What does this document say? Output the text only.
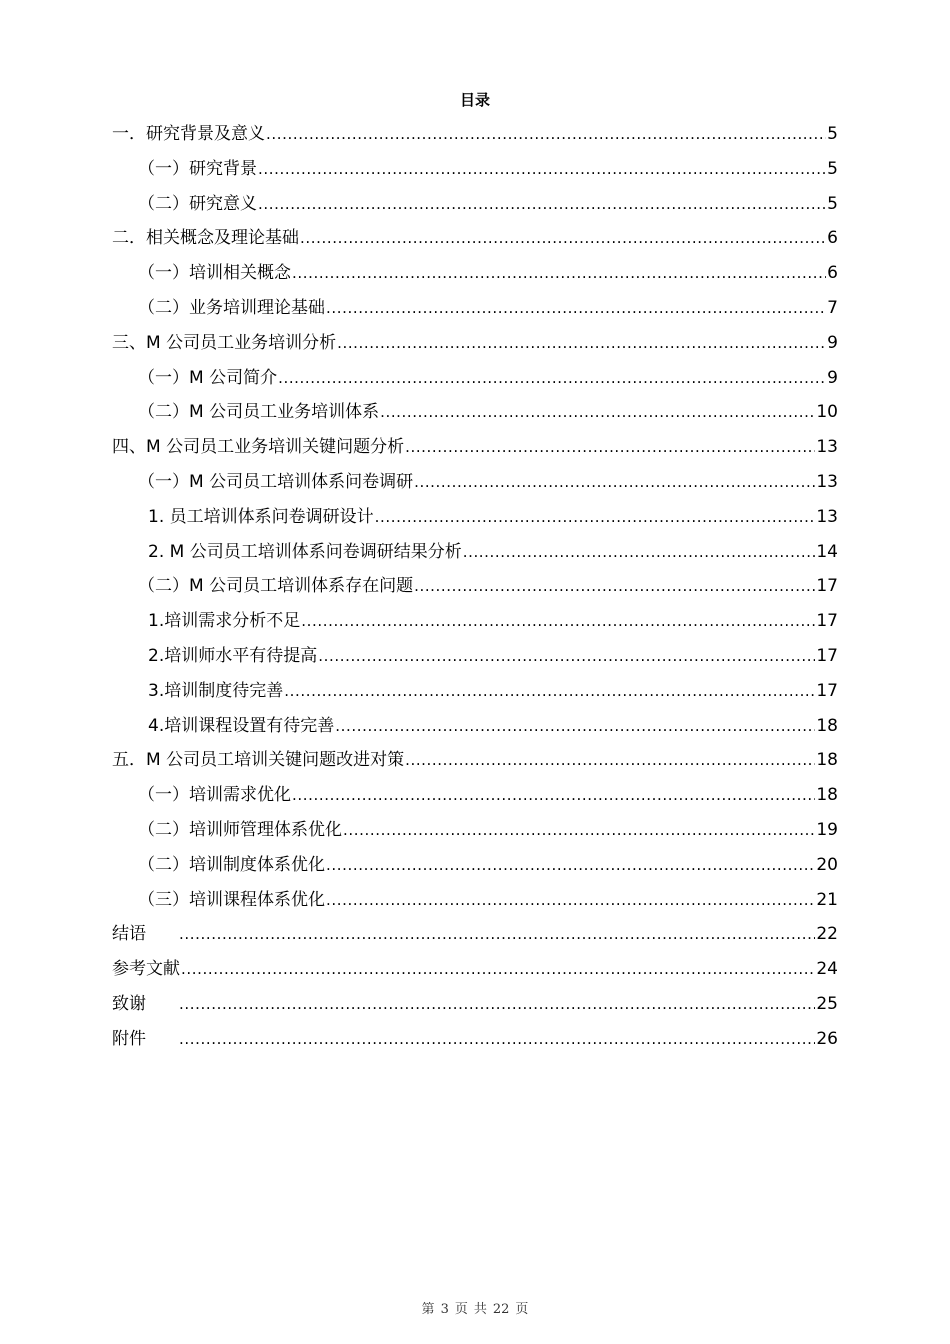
目录
一．研究背景及意义 .....	5
（一）研究背景 .....	5
（二）研究意义 .....	5
二．相关概念及理论基础 .....	6
（一）培训相关概念 .....	6
（二）业务培训理论基础 .....	7
三、M 公司员工业务培训分析 .....	9
（一）M 公司简介 .....	9
（二）M 公司员工业务培训体系 .....	10
四、M 公司员工业务培训关键问题分析 .....	13
（一）M 公司员工培训体系问卷调研 .....	13
1. 员工培训体系问卷调研设计 .....	13
2. M 公司员工培训体系问卷调研结果分析 .....	14
（二）M 公司员工培训体系存在问题 .....	17
1.培训需求分析不足 .....	17
2.培训师水平有待提高 .....	17
3.培训制度待完善 .....	17
4.培训课程设置有待完善 .....	18
五．M 公司员工培训关键问题改进对策 .....	18
（一）培训需求优化 .....	18
（二）培训师管理体系优化 .....	19
（二）培训制度体系优化 .....	20
（三）培训课程体系优化 .....	21
结语 .....	22
参考文献 .....	24
致谢 .....	25
附件 .....	26
第 3 页 共 22 页
